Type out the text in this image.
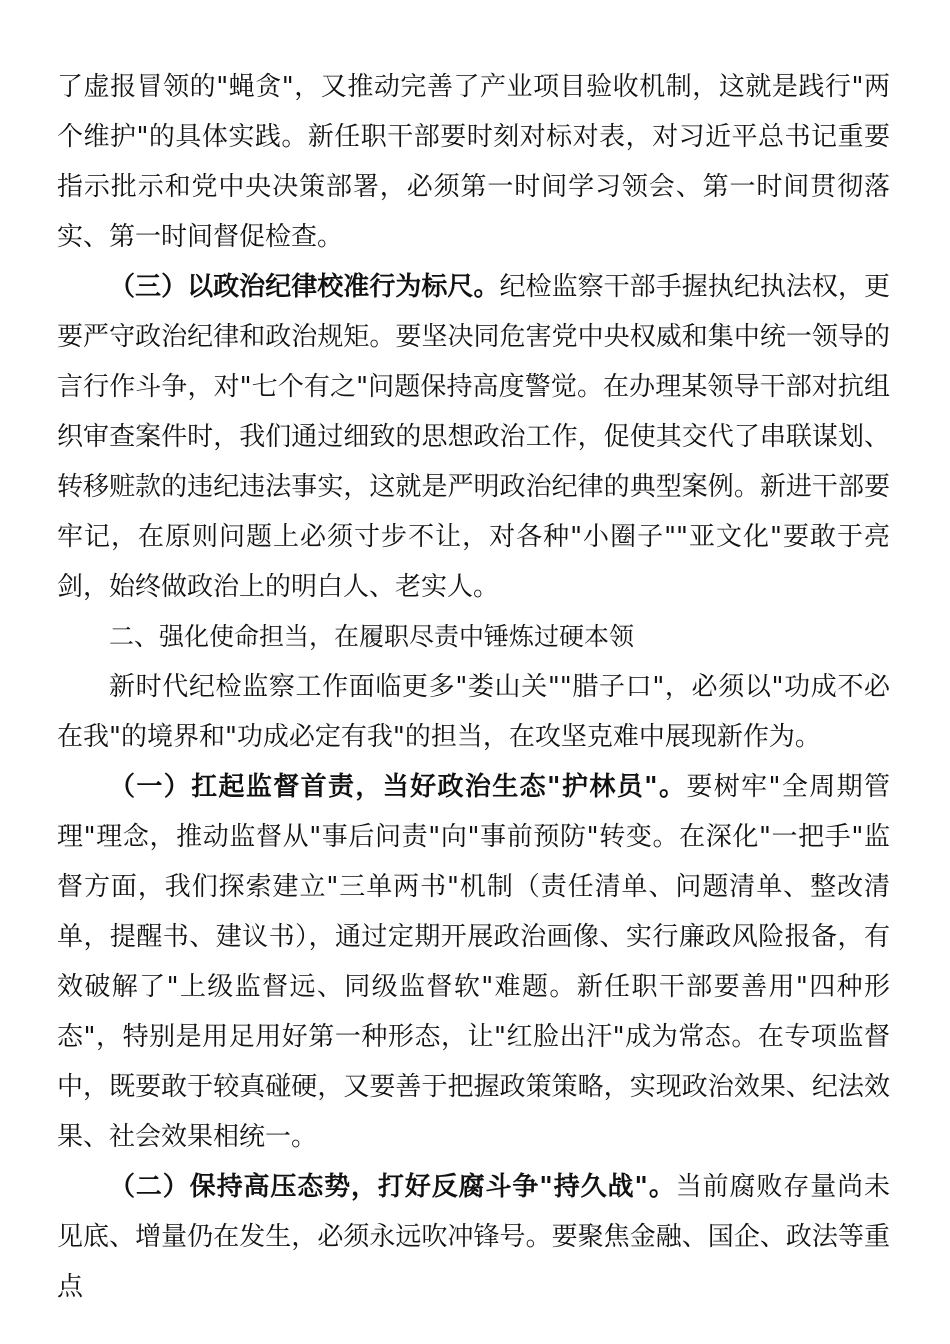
了虚报冒领的"蝇贪"，又推动完善了产业项目验收机制，这就是践行"两个维护"的具体实践。新任职干部要时刻对标对表，对习近平总书记重要指示批示和党中央决策部署，必须第一时间学习领会、第一时间贯彻落实、第一时间督促检查。

（三）以政治纪律校准行为标尺。纪检监察干部手握执纪执法权，更要严守政治纪律和政治规矩。要坚决同危害党中央权威和集中统一领导的言行作斗争，对"七个有之"问题保持高度警觉。在办理某领导干部对抗组织审查案件时，我们通过细致的思想政治工作，促使其交代了串联谋划、转移赃款的违纪违法事实，这就是严明政治纪律的典型案例。新进干部要牢记，在原则问题上必须寸步不让，对各种"小圈子""亚文化"要敢于亮剑，始终做政治上的明白人、老实人。

二、强化使命担当，在履职尽责中锤炼过硬本领

新时代纪检监察工作面临更多"娄山关""腊子口"，必须以"功成不必在我"的境界和"功成必定有我"的担当，在攻坚克难中展现新作为。

（一）扛起监督首责，当好政治生态"护林员"。要树牢"全周期管理"理念，推动监督从"事后问责"向"事前预防"转变。在深化"一把手"监督方面，我们探索建立"三单两书"机制（责任清单、问题清单、整改清单，提醒书、建议书），通过定期开展政治画像、实行廉政风险报备，有效破解了"上级监督远、同级监督软"难题。新任职干部要善用"四种形态"，特别是用足用好第一种形态，让"红脸出汗"成为常态。在专项监督中，既要敢于较真碰硬，又要善于把握政策策略，实现政治效果、纪法效果、社会效果相统一。

（二）保持高压态势，打好反腐斗争"持久战"。当前腐败存量尚未见底、增量仍在发生，必须永远吹冲锋号。要聚焦金融、国企、政法等重点
